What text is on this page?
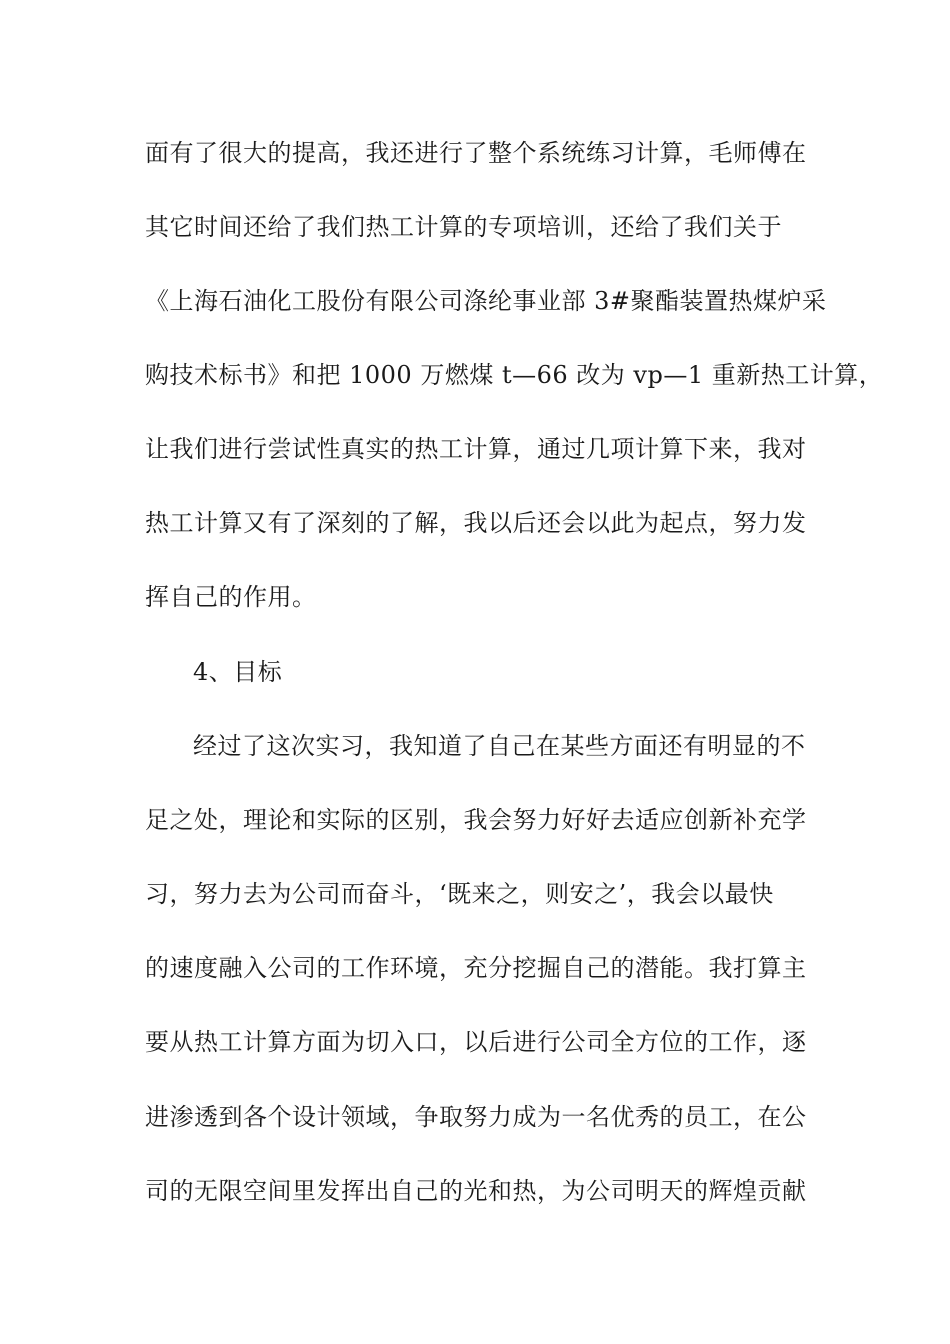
面有了很大的提高，我还进行了整个系统练习计算，毛师傅在
其它时间还给了我们热工计算的专项培训，还给了我们关于
《上海石油化工股份有限公司涤纶事业部 3#聚酯装置热煤炉采
购技术标书》和把 1000 万燃煤 t—66 改为 vp—1 重新热工计算，
让我们进行尝试性真实的热工计算，通过几项计算下来，我对
热工计算又有了深刻的了解，我以后还会以此为起点，努力发
挥自己的作用。
4、目标
经过了这次实习，我知道了自己在某些方面还有明显的不
足之处，理论和实际的区别，我会努力好好去适应创新补充学
习，努力去为公司而奋斗，‘既来之，则安之’，我会以最快
的速度融入公司的工作环境，充分挖掘自己的潜能。我打算主
要从热工计算方面为切入口，以后进行公司全方位的工作，逐
进渗透到各个设计领域，争取努力成为一名优秀的员工，在公
司的无限空间里发挥出自己的光和热，为公司明天的辉煌贡献
